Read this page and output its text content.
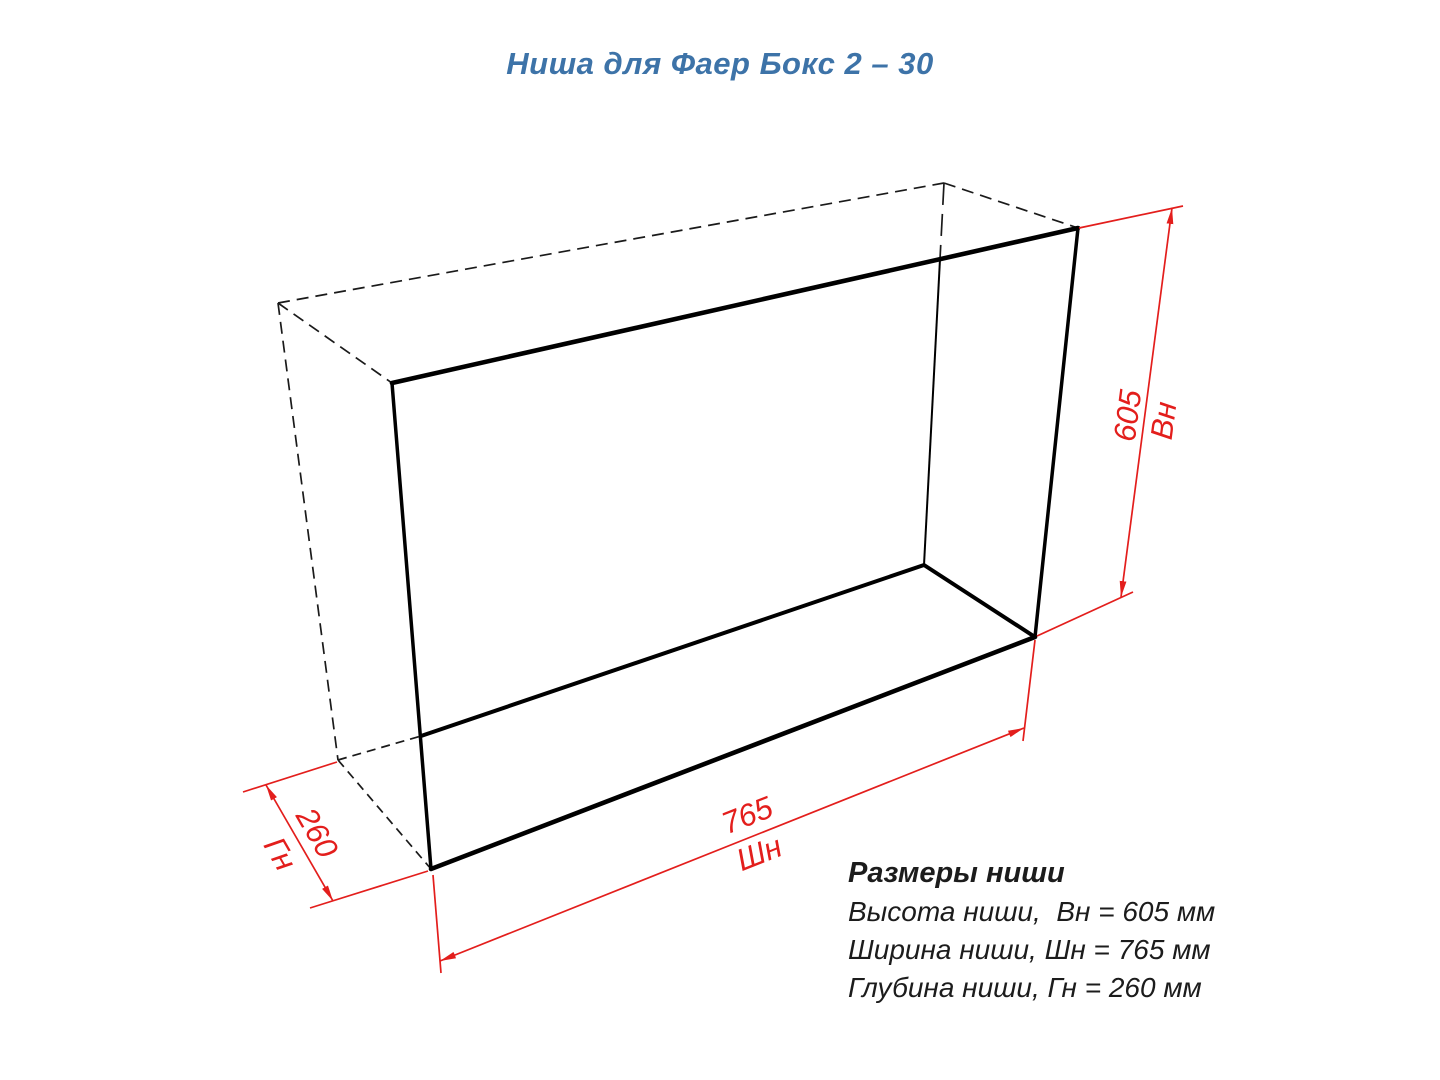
Ниша для Фаер Бокс 2 – 30
605
Вн
765
Шн
260
Гн	Размеры ниши
Высота ниши,  Вн = 605 мм
Ширина ниши, Шн = 765 мм
Глубина ниши, Гн = 260 мм
